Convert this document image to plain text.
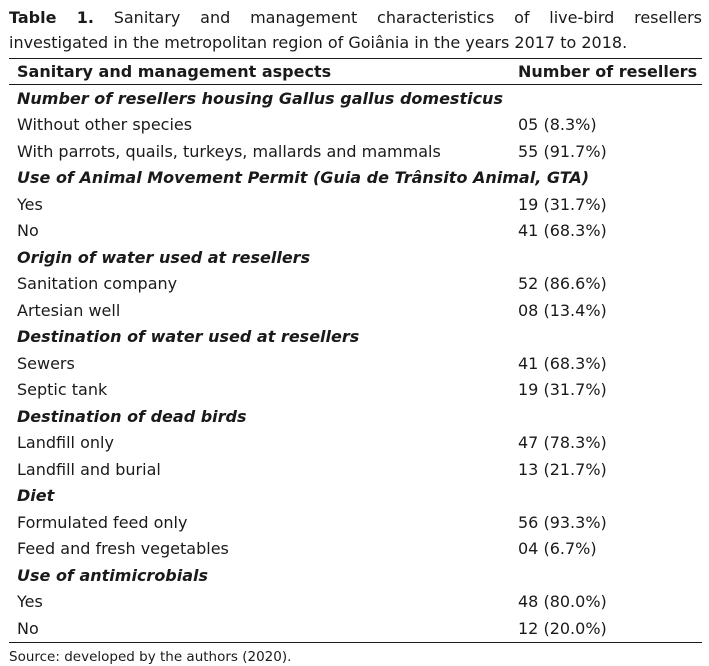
Table 1. Sanitary and management characteristics of live-bird resellers
investigated in the metropolitan region of Goiânia in the years 2017 to 2018.

Sanitary and management aspects	Number of resellers
Number of resellers housing Gallus gallus domesticus	
Without other species	05 (8.3%)
With parrots, quails, turkeys, mallards and mammals	55 (91.7%)
Use of Animal Movement Permit (Guia de Trânsito Animal, GTA)	
Yes	19 (31.7%)
No	41 (68.3%)
Origin of water used at resellers	
Sanitation company	52 (86.6%)
Artesian well	08 (13.4%)
Destination of water used at resellers	
Sewers	41 (68.3%)
Septic tank	19 (31.7%)
Destination of dead birds	
Landfill only	47 (78.3%)
Landfill and burial	13 (21.7%)
Diet	
Formulated feed only	56 (93.3%)
Feed and fresh vegetables	04 (6.7%)
Use of antimicrobials	
Yes	48 (80.0%)
No	12 (20.0%)

Source: developed by the authors (2020).
